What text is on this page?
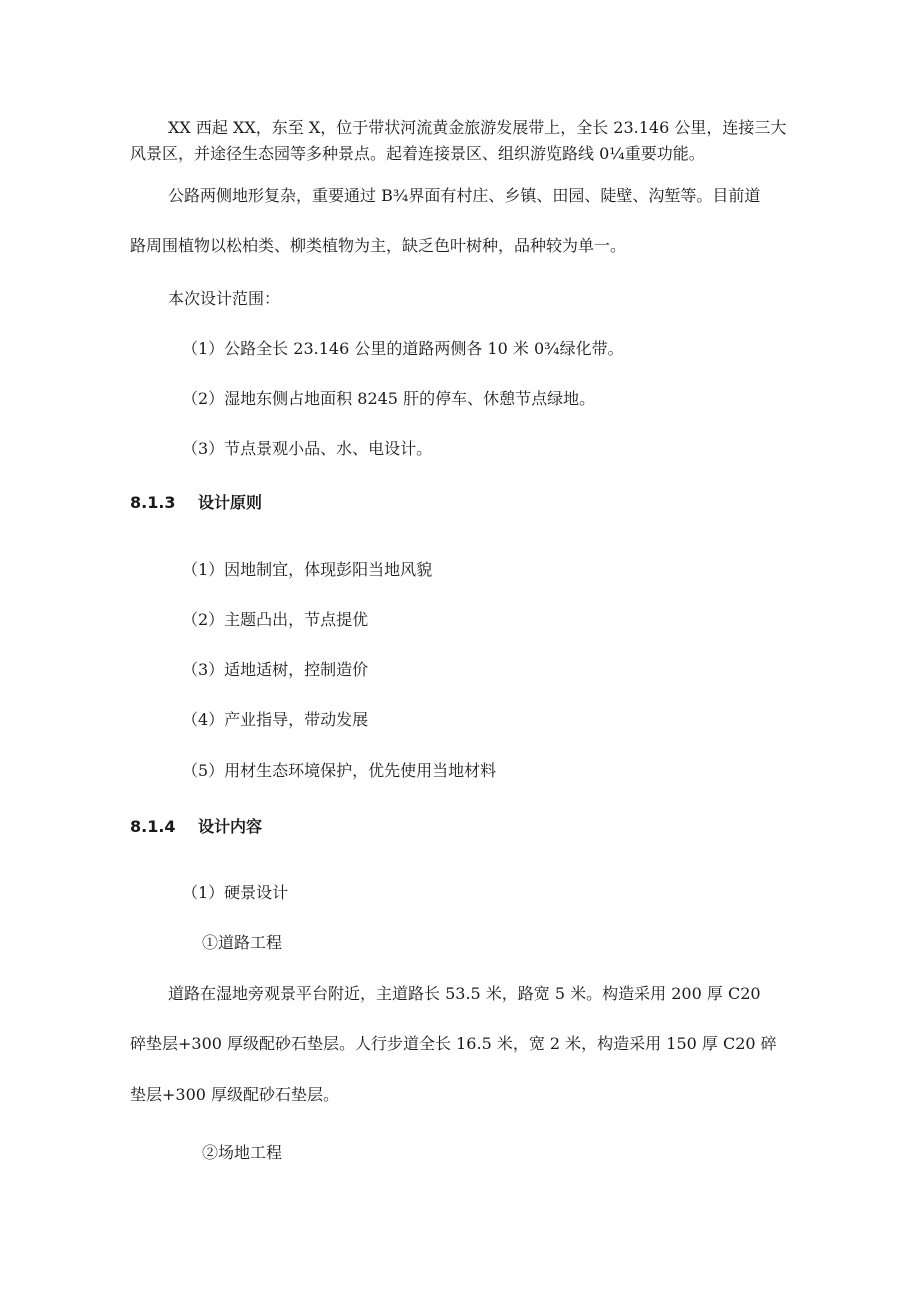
XX 西起 XX，东至 X，位于带状河流黄金旅游发展带上，全长 23.146 公里，连接三大
风景区，并途径生态园等多种景点。起着连接景区、组织游览路线 0¼重要功能。
公路两侧地形复杂，重要通过 B¾界面有村庄、乡镇、田园、陡壁、沟堑等。目前道
路周围植物以松柏类、柳类植物为主，缺乏色叶树种，品种较为单一。
本次设计范围：
（1）公路全长 23.146 公里的道路两侧各 10 米 0¾绿化带。
（2）湿地东侧占地面积 8245 肝的停车、休憩节点绿地。
（3）节点景观小品、水、电设计。
8.1.3 设计原则
（1）因地制宜，体现彭阳当地风貌
（2）主题凸出，节点提优
（3）适地适树，控制造价
（4）产业指导，带动发展
（5）用材生态环境保护，优先使用当地材料
8.1.4 设计内容
（1）硬景设计
①道路工程
道路在湿地旁观景平台附近，主道路长 53.5 米，路宽 5 米。构造采用 200 厚 C20
碎垫层+300 厚级配砂石垫层。人行步道全长 16.5 米，宽 2 米，构造采用 150 厚 C20 碎
垫层+300 厚级配砂石垫层。
②场地工程
